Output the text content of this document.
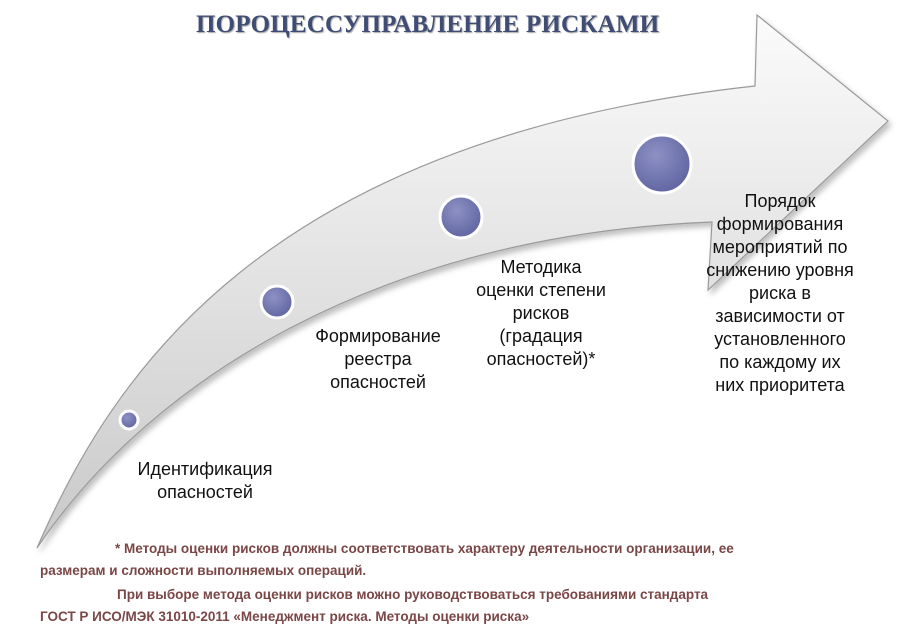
ПОРОЦЕССУПРАВЛЕНИЕ РИСКАМИ
Идентификация
опасностей
Формирование
реестра
опасностей
Методика
оценки степени
рисков
(градация
опасностей)*
Порядок
формирования
мероприятий по
снижению уровня
риска в
зависимости от
установленного
по каждому их
них приоритета
* Методы оценки рисков должны соответствовать характеру деятельности организации, ее
размерам и сложности выполняемых операций.
При выборе метода оценки рисков можно руководствоваться требованиями стандарта
ГОСТ Р ИСО/МЭК 31010-2011 «Менеджмент риска. Методы оценки риска»
